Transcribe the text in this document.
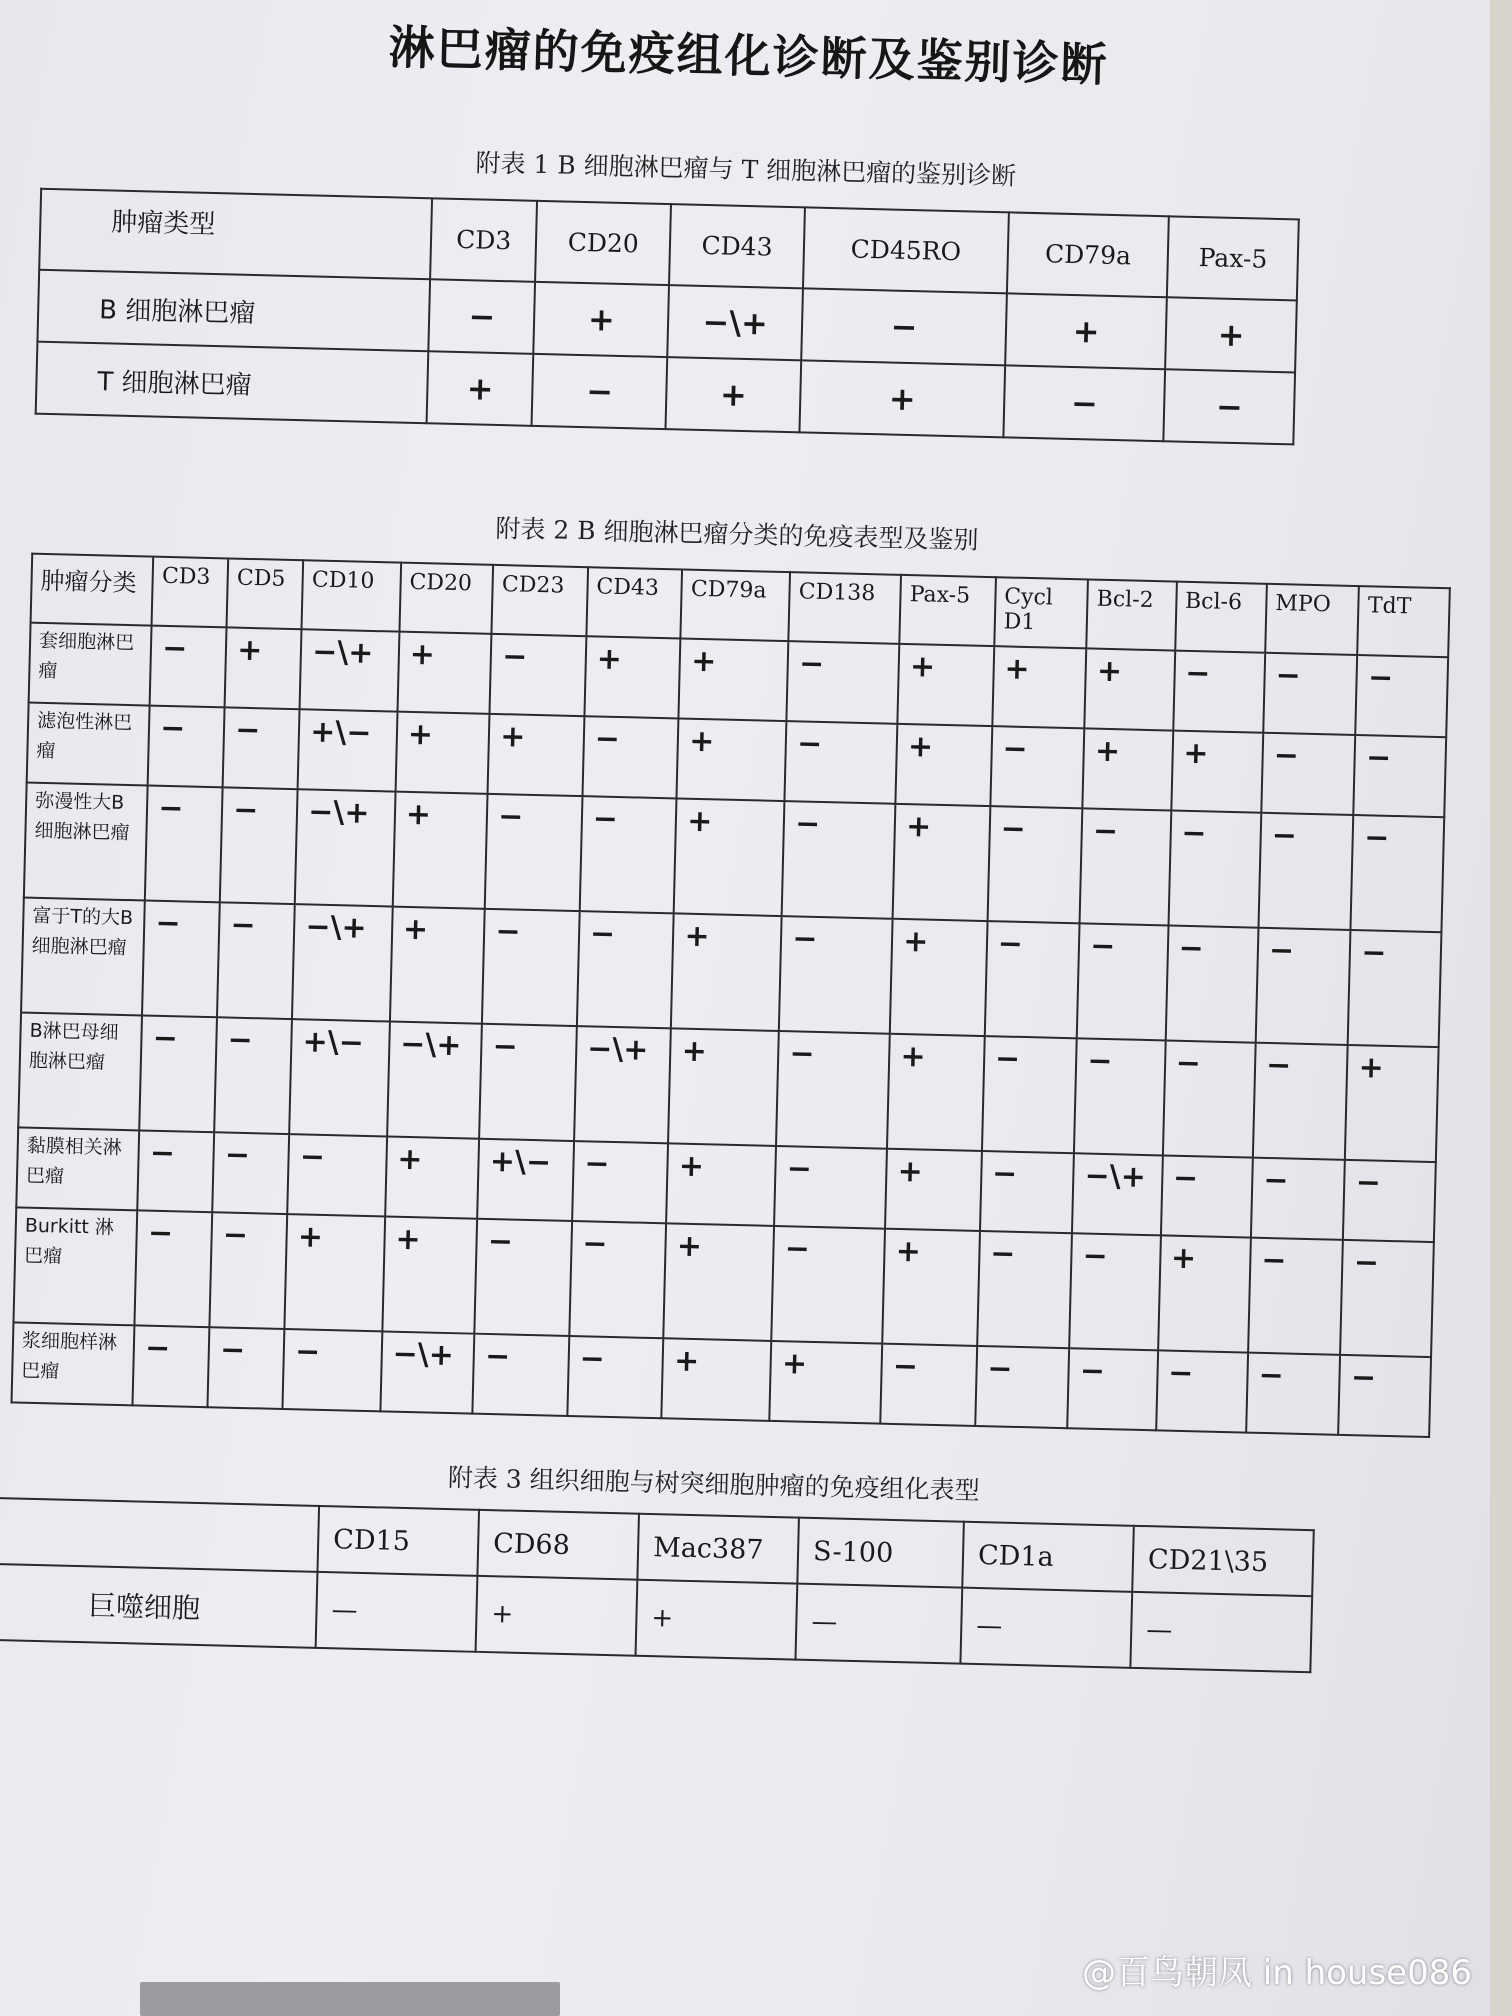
淋巴瘤的免疫组化诊断及鉴别诊断
附表 1 B 细胞淋巴瘤与 T 细胞淋巴瘤的鉴别诊断
肿瘤类型	CD3	CD20	CD43	CD45RO	CD79a	Pax-5
B 细胞淋巴瘤	−	+	−\+	−	+	+
T 细胞淋巴瘤	+	−	+	+	−	−
附表 2 B 细胞淋巴瘤分类的免疫表型及鉴别
肿瘤分类	CD3	CD5	CD10	CD20	CD23	CD43	CD79a	CD138	Pax-5	Cycl D1	Bcl-2	Bcl-6	MPO	TdT
套细胞淋巴瘤	−	+	−\+	+	−	+	+	−	+	+	+	−	−	−
滤泡性淋巴瘤	−	−	+\−	+	+	−	+	−	+	−	+	+	−	−
弥漫性大B细胞淋巴瘤	−	−	−\+	+	−	−	+	−	+	−	−	−	−	−
富于T的大B细胞淋巴瘤	−	−	−\+	+	−	−	+	−	+	−	−	−	−	−
B淋巴母细胞淋巴瘤	−	−	+\−	−\+	−	−\+	+	−	+	−	−	−	−	+
黏膜相关淋巴瘤	−	−	−	+	+\−	−	+	−	+	−	−\+	−	−	−
Burkitt 淋巴瘤	−	−	+	+	−	−	+	−	+	−	−	+	−	−
浆细胞样淋巴瘤	−	−	−	−\+	−	−	+	+	−	−	−	−	−	−
附表 3 组织细胞与树突细胞肿瘤的免疫组化表型
	CD15	CD68	Mac387	S-100	CD1a	CD21\35
巨噬细胞	—	+	+	—	—	—
@百鸟朝凤 in house086
